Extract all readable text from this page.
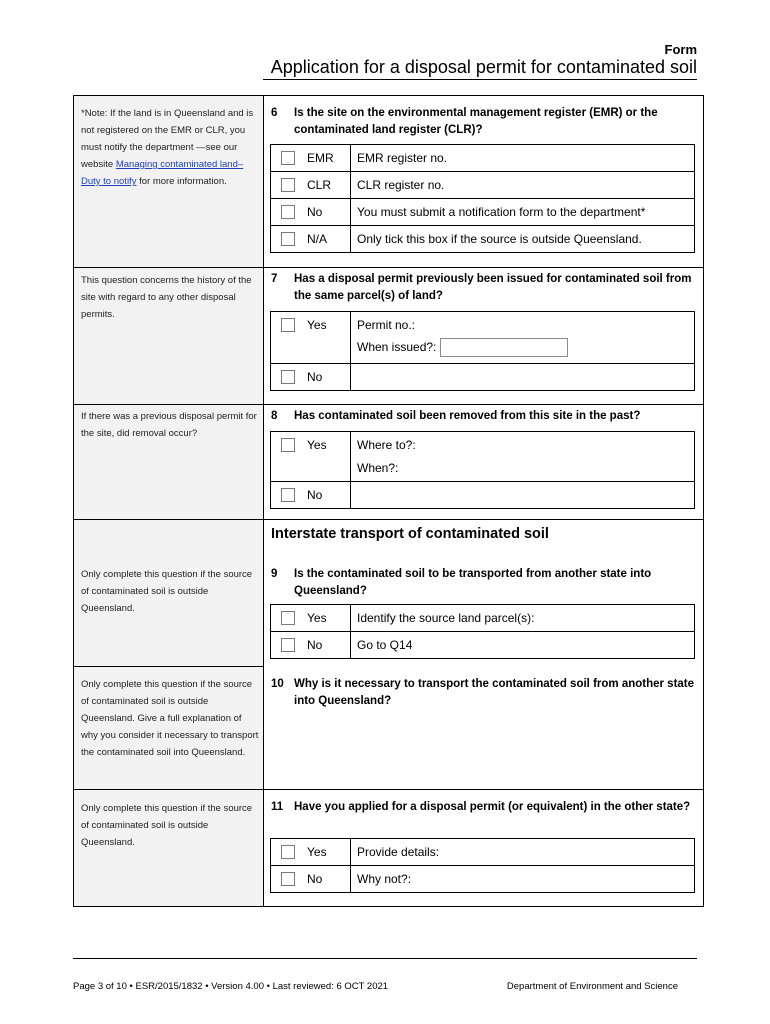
Form
Application for a disposal permit for contaminated soil
*Note: If the land is in Queensland and is not registered on the EMR or CLR, you must notify the department —see our website Managing contaminated land–Duty to notify for more information.
6	Is the site on the environmental management register (EMR) or the contaminated land register (CLR)?
EMR	EMR register no.
CLR	CLR register no.
No	You must submit a notification form to the department*
N/A	Only tick this box if the source is outside Queensland.
This question concerns the history of the site with regard to any other disposal permits.
7	Has a disposal permit previously been issued for contaminated soil from the same parcel(s) of land?
Yes	Permit no.:
When issued?:

No	
If there was a previous disposal permit for the site, did removal occur?
8	Has contaminated soil been removed from this site in the past?
Yes	Where to?:
When?:

No	
Interstate transport of contaminated soil
Only complete this question if the source of contaminated soil is outside Queensland.
9	Is the contaminated soil to be transported from another state into Queensland?
Yes	Identify the source land parcel(s):
No	Go to Q14
Only complete this question if the source of contaminated soil is outside Queensland. Give a full explanation of why you consider it necessary to transport the contaminated soil into Queensland.
10 Why is it necessary to transport the contaminated soil from another state into Queensland?
Only complete this question if the source of contaminated soil is outside Queensland.
11 Have you applied for a disposal permit (or equivalent) in the other state?
Yes	Provide details:
No	Why not?:
Page 3 of 10 • ESR/2015/1832 • Version 4.00 • Last reviewed: 6 OCT 2021	Department of Environment and Science
